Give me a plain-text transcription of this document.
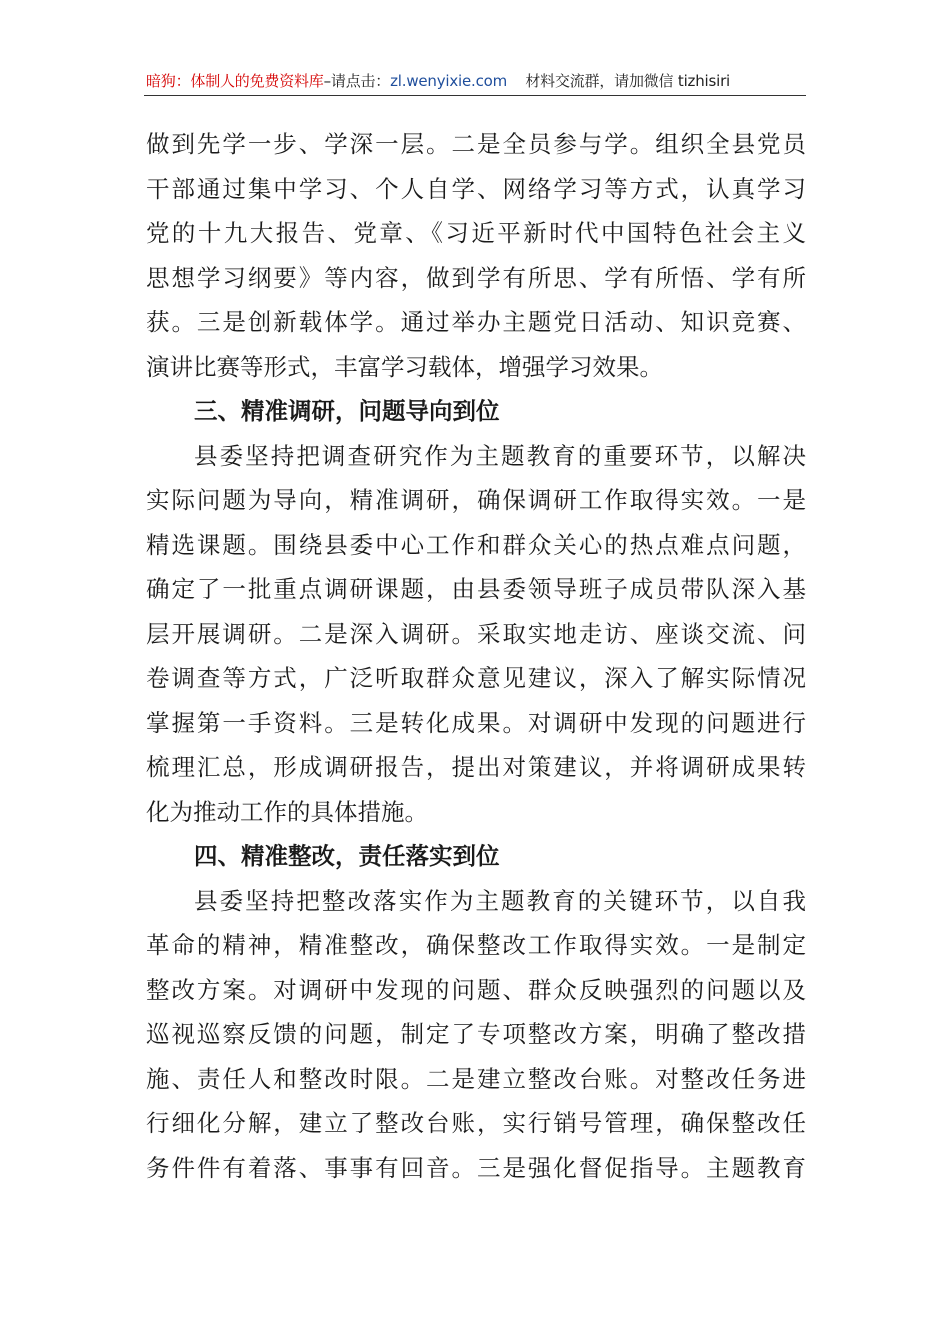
暗狗：体制人的免费资料库–请点击：zl.wenyixie.com 材料交流群，请加微信 tizhisiri
做到先学一步、学深一层。二是全员参与学。组织全县党员
干部通过集中学习、个人自学、网络学习等方式，认真学习
党的十九大报告、党章、《习近平新时代中国特色社会主义
思想学习纲要》等内容，做到学有所思、学有所悟、学有所
获。三是创新载体学。通过举办主题党日活动、知识竞赛、
演讲比赛等形式，丰富学习载体，增强学习效果。
三、精准调研，问题导向到位
县委坚持把调查研究作为主题教育的重要环节，以解决
实际问题为导向，精准调研，确保调研工作取得实效。一是
精选课题。围绕县委中心工作和群众关心的热点难点问题，
确定了一批重点调研课题，由县委领导班子成员带队深入基
层开展调研。二是深入调研。采取实地走访、座谈交流、问
卷调查等方式，广泛听取群众意见建议，深入了解实际情况
掌握第一手资料。三是转化成果。对调研中发现的问题进行
梳理汇总，形成调研报告，提出对策建议，并将调研成果转
化为推动工作的具体措施。
四、精准整改，责任落实到位
县委坚持把整改落实作为主题教育的关键环节，以自我
革命的精神，精准整改，确保整改工作取得实效。一是制定
整改方案。对调研中发现的问题、群众反映强烈的问题以及
巡视巡察反馈的问题，制定了专项整改方案，明确了整改措
施、责任人和整改时限。二是建立整改台账。对整改任务进
行细化分解，建立了整改台账，实行销号管理，确保整改任
务件件有着落、事事有回音。三是强化督促指导。主题教育
